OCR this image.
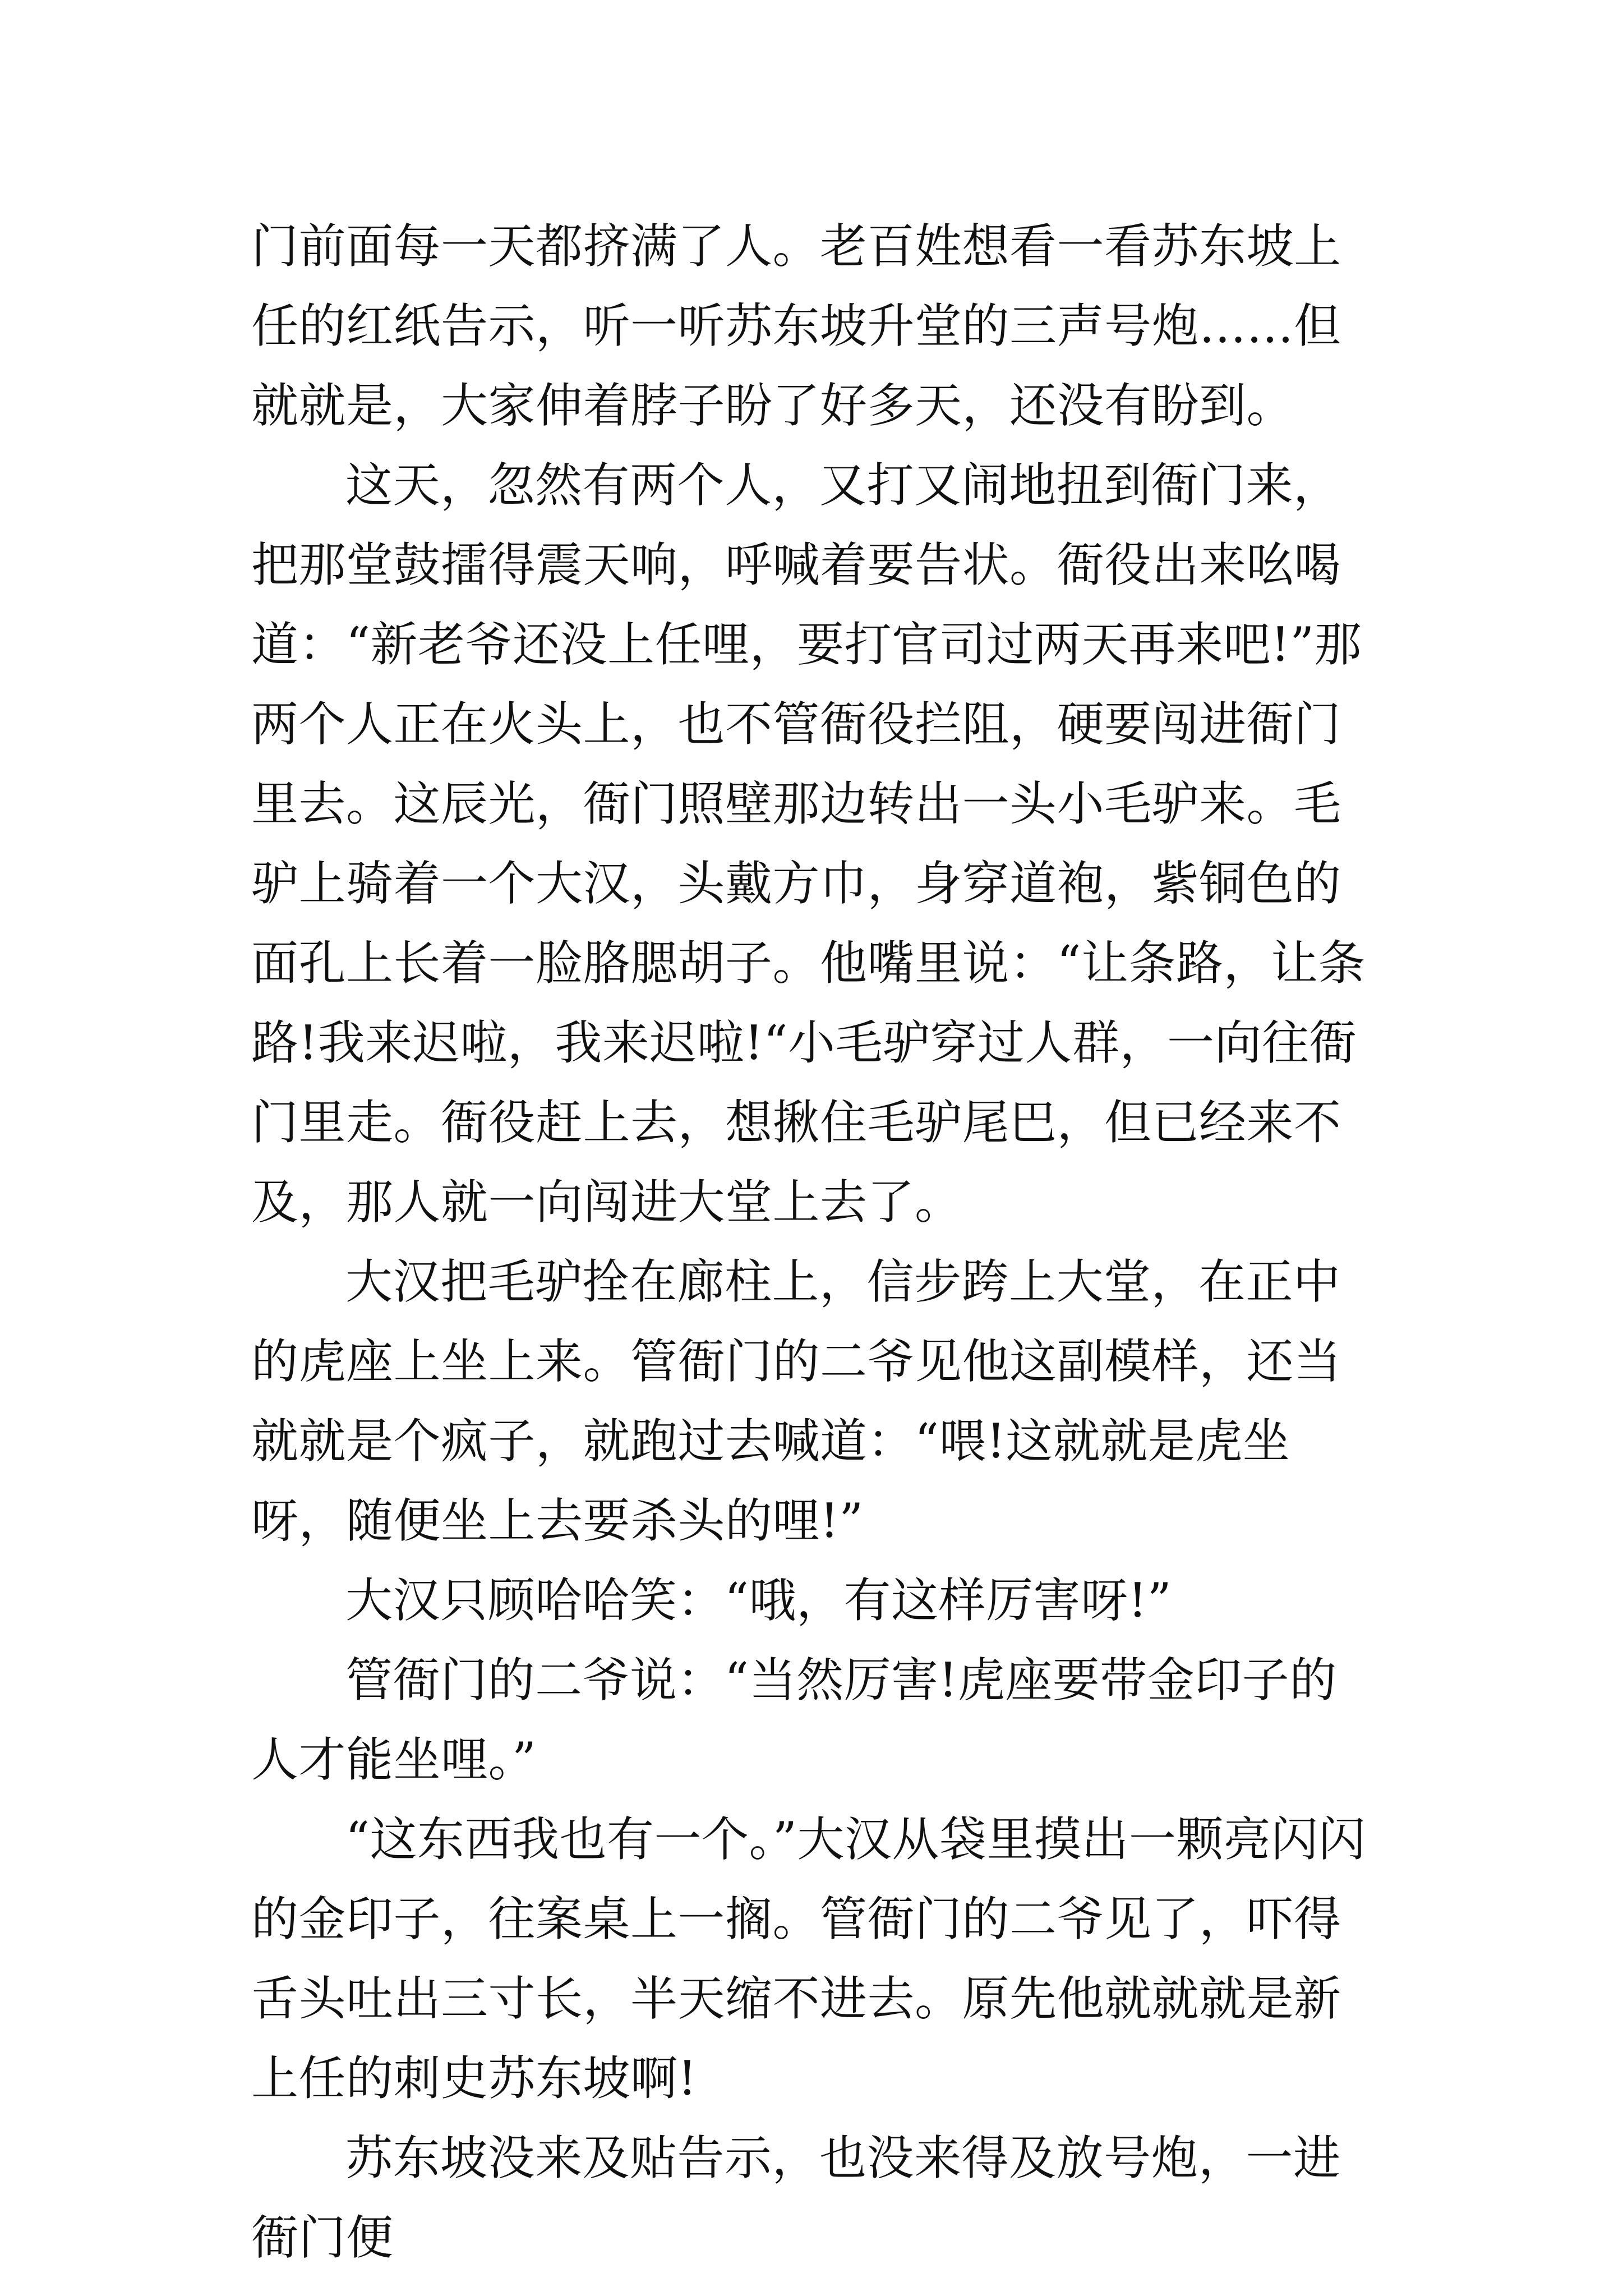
门前面每一天都挤满了人。老百姓想看一看苏东坡上任的红纸告示，听一听苏东坡升堂的三声号炮……但就就是，大家伸着脖子盼了好多天，还没有盼到。

这天，忽然有两个人，又打又闹地扭到衙门来，把那堂鼓擂得震天响，呼喊着要告状。衙役出来吆喝道：“新老爷还没上任哩，要打官司过两天再来吧!”那两个人正在火头上，也不管衙役拦阻，硬要闯进衙门里去。这辰光，衙门照壁那边转出一头小毛驴来。毛驴上骑着一个大汉，头戴方巾，身穿道袍，紫铜色的面孔上长着一脸胳腮胡子。他嘴里说：“让条路，让条路!我来迟啦，我来迟啦!“小毛驴穿过人群，一向往衙门里走。衙役赶上去，想揪住毛驴尾巴，但已经来不及，那人就一向闯进大堂上去了。

大汉把毛驴拴在廊柱上，信步跨上大堂，在正中的虎座上坐上来。管衙门的二爷见他这副模样，还当就就是个疯子，就跑过去喊道：“喂!这就就是虎坐呀，随便坐上去要杀头的哩!”

大汉只顾哈哈笑：“哦，有这样厉害呀!”

管衙门的二爷说：“当然厉害!虎座要带金印子的人才能坐哩。”

“这东西我也有一个。”大汉从袋里摸出一颗亮闪闪的金印子，往案桌上一搁。管衙门的二爷见了，吓得舌头吐出三寸长，半天缩不进去。原先他就就就是新上任的刺史苏东坡啊!

苏东坡没来及贴告示，也没来得及放号炮，一进衙门便
